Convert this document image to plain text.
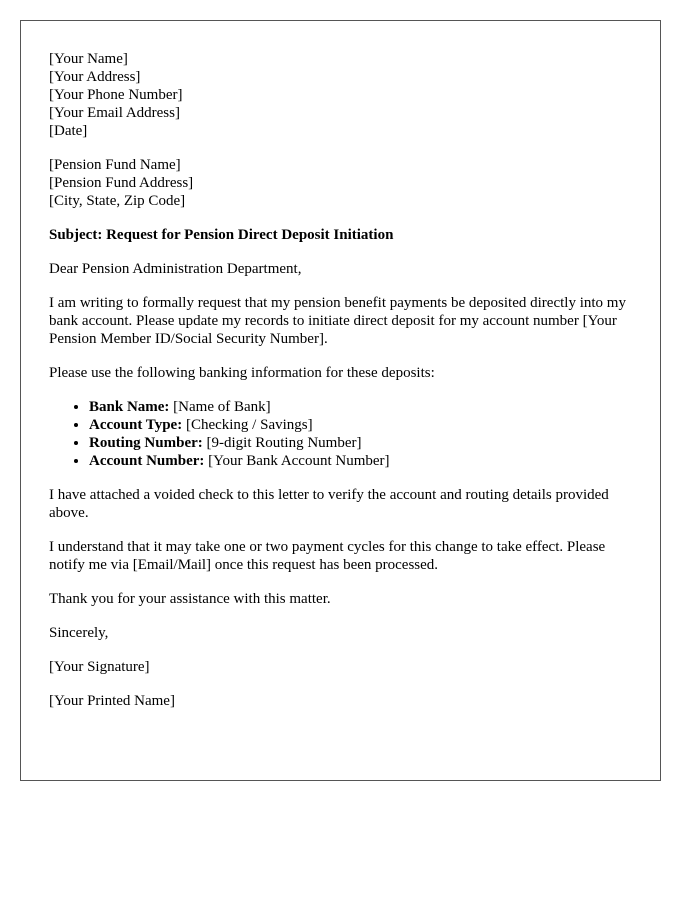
[Your Name]
[Your Address]
[Your Phone Number]
[Your Email Address]
[Date]
[Pension Fund Name]
[Pension Fund Address]
[City, State, Zip Code]

Subject: Request for Pension Direct Deposit Initiation

Dear Pension Administration Department,

I am writing to formally request that my pension benefit payments be deposited directly into my bank account. Please update my records to initiate direct deposit for my account number [Your Pension Member ID/Social Security Number].

Please use the following banking information for these deposits:

• Bank Name: [Name of Bank]
• Account Type: [Checking / Savings]
• Routing Number: [9-digit Routing Number]
• Account Number: [Your Bank Account Number]

I have attached a voided check to this letter to verify the account and routing details provided above.

I understand that it may take one or two payment cycles for this change to take effect. Please notify me via [Email/Mail] once this request has been processed.

Thank you for your assistance with this matter.

Sincerely,

[Your Signature]

[Your Printed Name]
